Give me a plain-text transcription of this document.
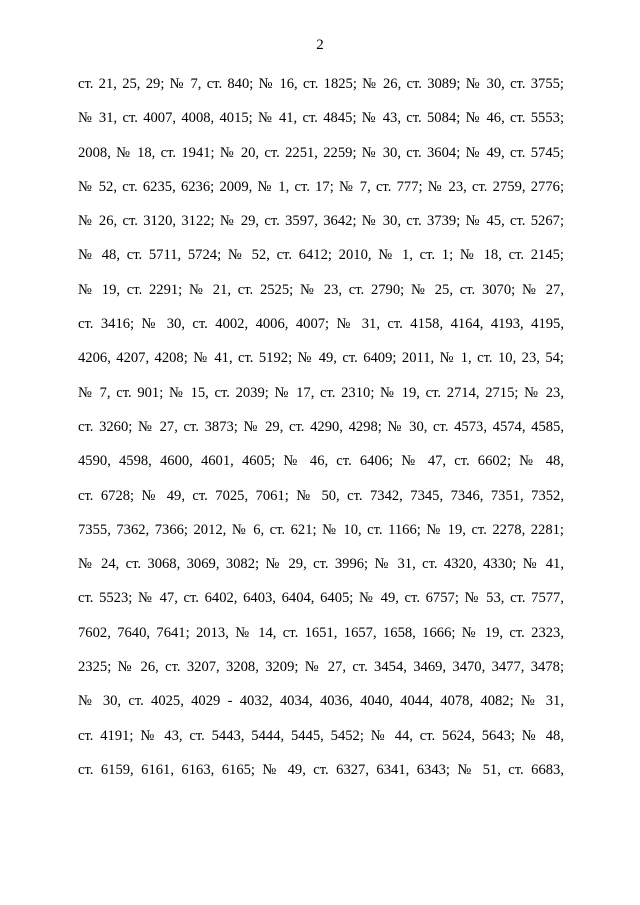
2
ст. 21, 25, 29; № 7, ст. 840; № 16, ст. 1825; № 26, ст. 3089; № 30, ст. 3755;
№ 31, ст. 4007, 4008, 4015; № 41, ст. 4845; № 43, ст. 5084; № 46, ст. 5553;
2008, № 18, ст. 1941; № 20, ст. 2251, 2259; № 30, ст. 3604; № 49, ст. 5745;
№ 52, ст. 6235, 6236; 2009, № 1, ст. 17; № 7, ст. 777; № 23, ст. 2759, 2776;
№ 26, ст. 3120, 3122; № 29, ст. 3597, 3642; № 30, ст. 3739; № 45, ст. 5267;
№ 48, ст. 5711, 5724; № 52, ст. 6412; 2010, № 1, ст. 1; № 18, ст. 2145;
№ 19, ст. 2291; № 21, ст. 2525; № 23, ст. 2790; № 25, ст. 3070; № 27,
ст. 3416; № 30, ст. 4002, 4006, 4007; № 31, ст. 4158, 4164, 4193, 4195,
4206, 4207, 4208; № 41, ст. 5192; № 49, ст. 6409; 2011, № 1, ст. 10, 23, 54;
№ 7, ст. 901; № 15, ст. 2039; № 17, ст. 2310; № 19, ст. 2714, 2715; № 23,
ст. 3260; № 27, ст. 3873; № 29, ст. 4290, 4298; № 30, ст. 4573, 4574, 4585,
4590, 4598, 4600, 4601, 4605; № 46, ст. 6406; № 47, ст. 6602; № 48,
ст. 6728; № 49, ст. 7025, 7061; № 50, ст. 7342, 7345, 7346, 7351, 7352,
7355, 7362, 7366; 2012, № 6, ст. 621; № 10, ст. 1166; № 19, ст. 2278, 2281;
№ 24, ст. 3068, 3069, 3082; № 29, ст. 3996; № 31, ст. 4320, 4330; № 41,
ст. 5523; № 47, ст. 6402, 6403, 6404, 6405; № 49, ст. 6757; № 53, ст. 7577,
7602, 7640, 7641; 2013, № 14, ст. 1651, 1657, 1658, 1666; № 19, ст. 2323,
2325; № 26, ст. 3207, 3208, 3209; № 27, ст. 3454, 3469, 3470, 3477, 3478;
№ 30, ст. 4025, 4029 - 4032, 4034, 4036, 4040, 4044, 4078, 4082; № 31,
ст. 4191; № 43, ст. 5443, 5444, 5445, 5452; № 44, ст. 5624, 5643; № 48,
ст. 6159, 6161, 6163, 6165; № 49, ст. 6327, 6341, 6343; № 51, ст. 6683,
